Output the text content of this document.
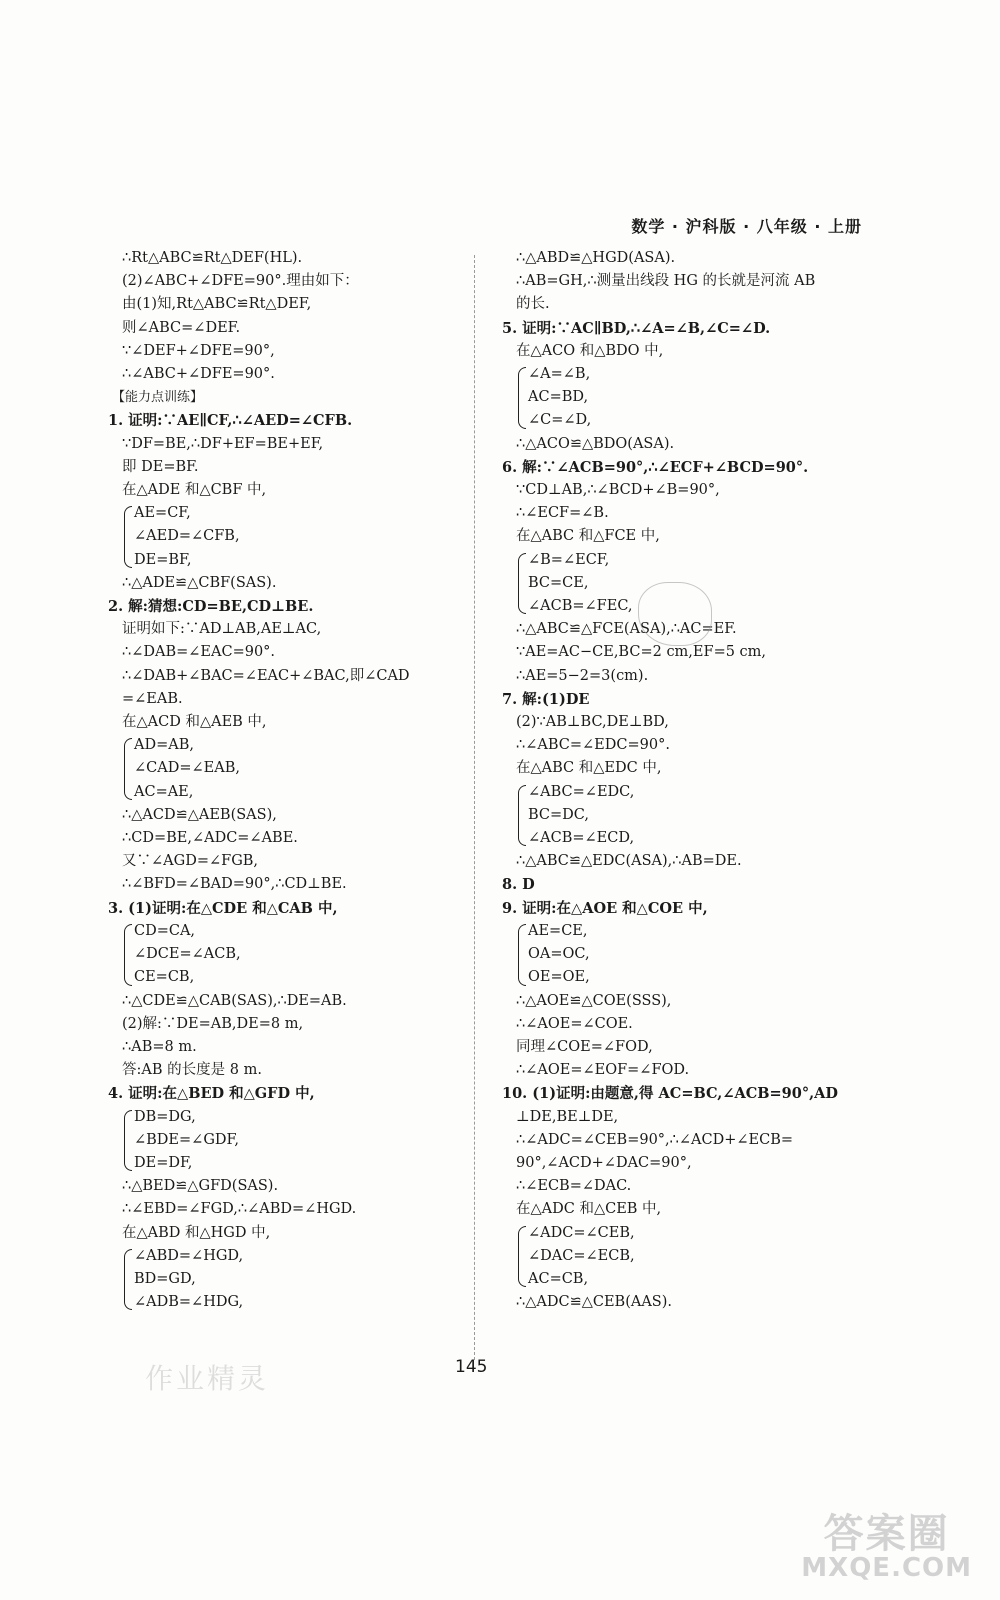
数学 · 沪科版 · 八年级 · 上册
∴Rt△ABC≌Rt△DEF(HL).
(2)∠ABC+∠DFE=90°.理由如下：
由(1)知,Rt△ABC≌Rt△DEF,
则∠ABC=∠DEF.
∵∠DEF+∠DFE=90°,
∴∠ABC+∠DFE=90°.
【能力点训练】
1. 证明:∵AE∥CF,∴∠AED=∠CFB.
∵DF=BE,∴DF+EF=BE+EF,
即 DE=BF.
在△ADE 和△CBF 中,
AE=CF,
∠AED=∠CFB,
DE=BF,
∴△ADE≌△CBF(SAS).
2. 解:猜想:CD=BE,CD⊥BE.
证明如下:∵AD⊥AB,AE⊥AC,
∴∠DAB=∠EAC=90°.
∴∠DAB+∠BAC=∠EAC+∠BAC,即∠CAD
=∠EAB.
在△ACD 和△AEB 中,
AD=AB,
∠CAD=∠EAB,
AC=AE,
∴△ACD≌△AEB(SAS),
∴CD=BE,∠ADC=∠ABE.
又∵∠AGD=∠FGB,
∴∠BFD=∠BAD=90°,∴CD⊥BE.
3. (1)证明:在△CDE 和△CAB 中,
CD=CA,
∠DCE=∠ACB,
CE=CB,
∴△CDE≌△CAB(SAS),∴DE=AB.
(2)解:∵DE=AB,DE=8 m,
∴AB=8 m.
答:AB 的长度是 8 m.
4. 证明:在△BED 和△GFD 中,
DB=DG,
∠BDE=∠GDF,
DE=DF,
∴△BED≌△GFD(SAS).
∴∠EBD=∠FGD,∴∠ABD=∠HGD.
在△ABD 和△HGD 中,
∠ABD=∠HGD,
BD=GD,
∠ADB=∠HDG,
∴△ABD≌△HGD(ASA).
∴AB=GH,∴测量出线段 HG 的长就是河流 AB
的长.
5. 证明:∵AC∥BD,∴∠A=∠B,∠C=∠D.
在△ACO 和△BDO 中,
∠A=∠B,
AC=BD,
∠C=∠D,
∴△ACO≌△BDO(ASA).
6. 解:∵∠ACB=90°,∴∠ECF+∠BCD=90°.
∵CD⊥AB,∴∠BCD+∠B=90°,
∴∠ECF=∠B.
在△ABC 和△FCE 中,
∠B=∠ECF,
BC=CE,
∠ACB=∠FEC,
∴△ABC≌△FCE(ASA),∴AC=EF.
∵AE=AC−CE,BC=2 cm,EF=5 cm,
∴AE=5−2=3(cm).
7. 解:(1)DE
(2)∵AB⊥BC,DE⊥BD,
∴∠ABC=∠EDC=90°.
在△ABC 和△EDC 中,
∠ABC=∠EDC,
BC=DC,
∠ACB=∠ECD,
∴△ABC≌△EDC(ASA),∴AB=DE.
8. D
9. 证明:在△AOE 和△COE 中,
AE=CE,
OA=OC,
OE=OE,
∴△AOE≌△COE(SSS),
∴∠AOE=∠COE.
同理∠COE=∠FOD,
∴∠AOE=∠EOF=∠FOD.
10. (1)证明:由题意,得 AC=BC,∠ACB=90°,AD
⊥DE,BE⊥DE,
∴∠ADC=∠CEB=90°,∴∠ACD+∠ECB=
90°,∠ACD+∠DAC=90°,
∴∠ECB=∠DAC.
在△ADC 和△CEB 中,
∠ADC=∠CEB,
∠DAC=∠ECB,
AC=CB,
∴△ADC≌△CEB(AAS).
作业精灵	145
答案圈
MXQE.COM
